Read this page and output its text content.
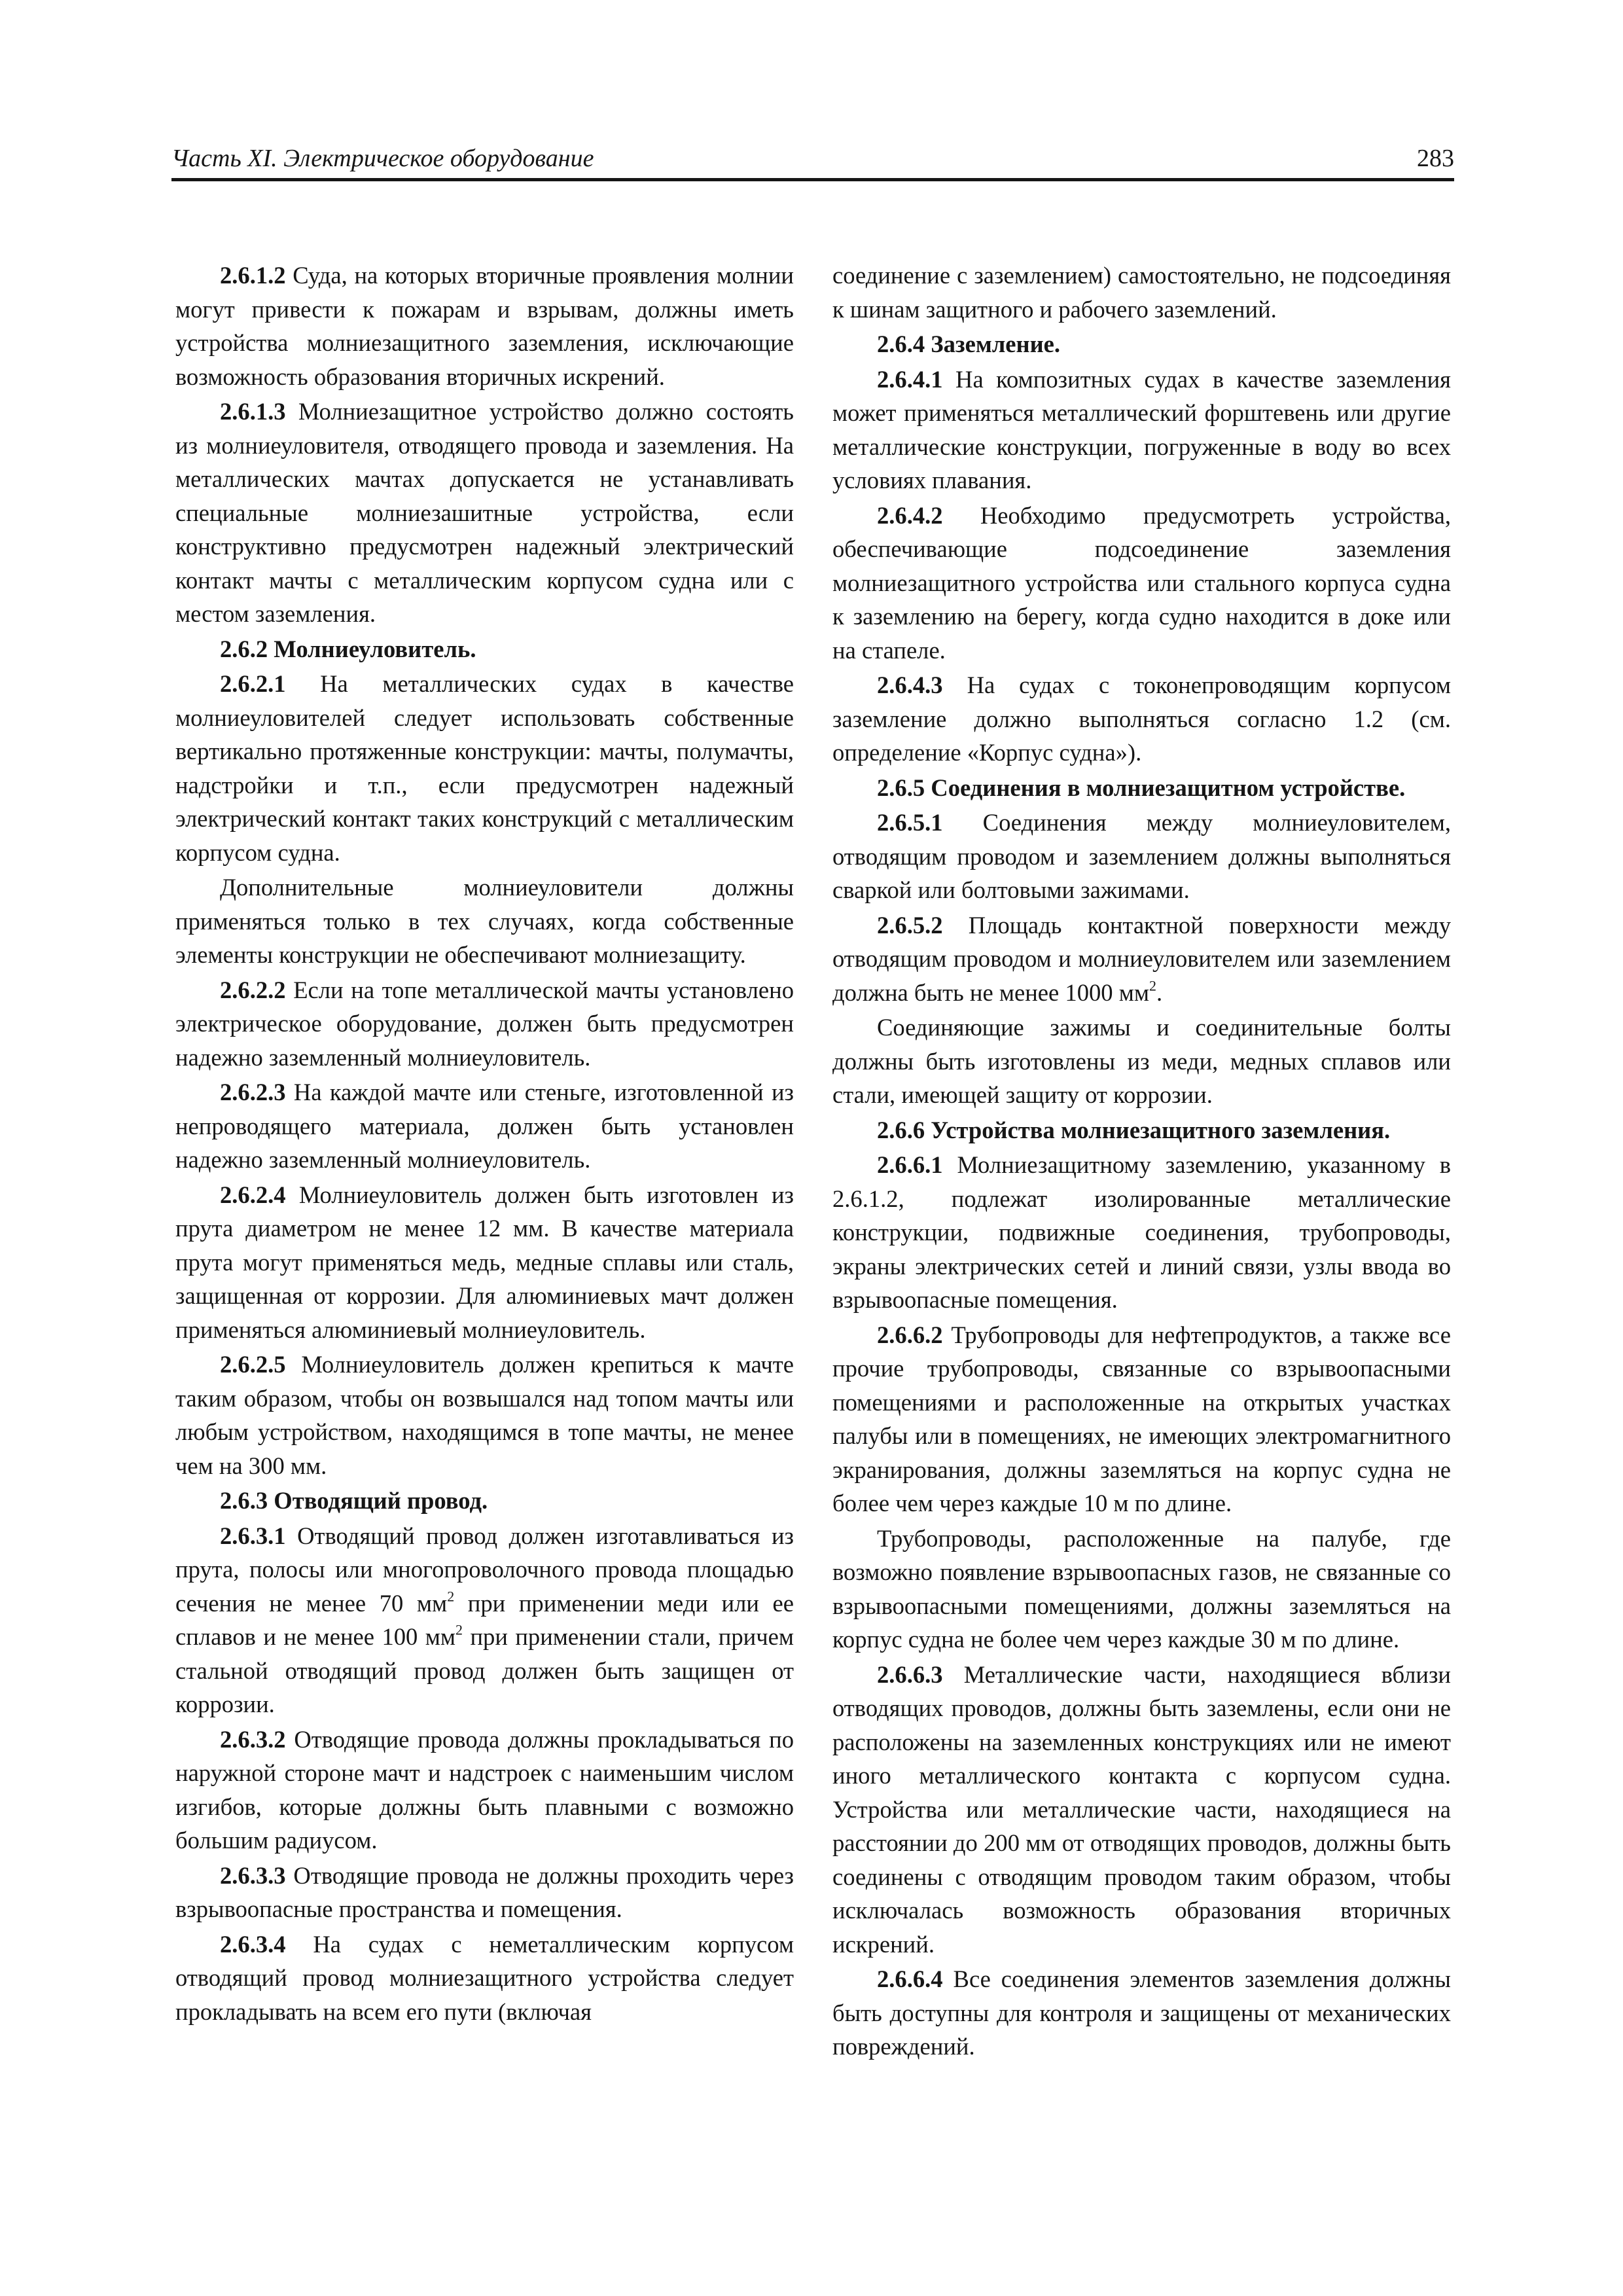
Часть XI. Электрическое оборудование	283

2.6.1.2 Суда, на которых вторичные проявления молнии могут привести к пожарам и взрывам, должны иметь устройства молниезащитного заземления, исключающие возможность образования вторичных искрений.

2.6.1.3 Молниезащитное устройство должно состоять из молниеуловителя, отводящего провода и заземления. На металлических мачтах допускается не устанавливать специальные молниезашитные устройства, если конструктивно предусмотрен надежный электрический контакт мачты с металлическим корпусом судна или с местом заземления.

2.6.2 Молниеуловитель.

2.6.2.1 На металлических судах в качестве молниеуловителей следует использовать собственные вертикально протяженные конструкции: мачты, полумачты, надстройки и т.п., если предусмотрен надежный электрический контакт таких конструкций с металлическим корпусом судна.

Дополнительные молниеуловители должны применяться только в тех случаях, когда собственные элементы конструкции не обеспечивают молниезащиту.

2.6.2.2 Если на топе металлической мачты установлено электрическое оборудование, должен быть предусмотрен надежно заземленный молниеуловитель.

2.6.2.3 На каждой мачте или стеньге, изготовленной из непроводящего материала, должен быть установлен надежно заземленный молниеуловитель.

2.6.2.4 Молниеуловитель должен быть изготовлен из прута диаметром не менее 12 мм. В качестве материала прута могут применяться медь, медные сплавы или сталь, защищенная от коррозии. Для алюминиевых мачт должен применяться алюминиевый молниеуловитель.

2.6.2.5 Молниеуловитель должен крепиться к мачте таким образом, чтобы он возвышался над топом мачты или любым устройством, находящимся в топе мачты, не менее чем на 300 мм.

2.6.3 Отводящий провод.

2.6.3.1 Отводящий провод должен изготавливаться из прута, полосы или многопроволочного провода площадью сечения не менее 70 $мм^2$ при применении меди или ее сплавов и не менее 100 $мм^2$ при применении стали, причем стальной отводящий провод должен быть защищен от коррозии.

2.6.3.2 Отводящие провода должны прокладываться по наружной стороне мачт и надстроек с наименьшим числом изгибов, которые должны быть плавными с возможно большим радиусом.

2.6.3.3 Отводящие провода не должны проходить через взрывоопасные пространства и помещения.

2.6.3.4 На судах с неметаллическим корпусом отводящий провод молниезащитного устройства следует прокладывать на всем его пути (включая

соединение с заземлением) самостоятельно, не подсоединяя к шинам защитного и рабочего заземлений.

2.6.4 Заземление.

2.6.4.1 На композитных судах в качестве заземления может применяться металлический форштевень или другие металлические конструкции, погруженные в воду во всех условиях плавания.

2.6.4.2 Необходимо предусмотреть устройства, обеспечивающие подсоединение заземления молниезащитного устройства или стального корпуса судна к заземлению на берегу, когда судно находится в доке или на стапеле.

2.6.4.3 На судах с токонепроводящим корпусом заземление должно выполняться согласно 1.2 (см. определение «Корпус судна»).

2.6.5 Соединения в молниезащитном устройстве.

2.6.5.1 Соединения между молниеуловителем, отводящим проводом и заземлением должны выполняться сваркой или болтовыми зажимами.

2.6.5.2 Площадь контактной поверхности между отводящим проводом и молниеуловителем или заземлением должна быть не менее 1000 $мм^2$.

Соединяющие зажимы и соединительные болты должны быть изготовлены из меди, медных сплавов или стали, имеющей защиту от коррозии.

2.6.6 Устройства молниезащитного заземления.

2.6.6.1 Молниезащитному заземлению, указанному в 2.6.1.2, подлежат изолированные металлические конструкции, подвижные соединения, трубопроводы, экраны электрических сетей и линий связи, узлы ввода во взрывоопасные помещения.

2.6.6.2 Трубопроводы для нефтепродуктов, а также все прочие трубопроводы, связанные со взрывоопасными помещениями и расположенные на открытых участках палубы или в помещениях, не имеющих электромагнитного экранирования, должны заземляться на корпус судна не более чем через каждые 10 м по длине.

Трубопроводы, расположенные на палубе, где возможно появление взрывоопасных газов, не связанные со взрывоопасными помещениями, должны заземляться на корпус судна не более чем через каждые 30 м по длине.

2.6.6.3 Металлические части, находящиеся вблизи отводящих проводов, должны быть заземлены, если они не расположены на заземленных конструкциях или не имеют иного металлического контакта с корпусом судна. Устройства или металлические части, находящиеся на расстоянии до 200 мм от отводящих проводов, должны быть соединены с отводящим проводом таким образом, чтобы исключалась возможность образования вторичных искрений.

2.6.6.4 Все соединения элементов заземления должны быть доступны для контроля и защищены от механических повреждений.
